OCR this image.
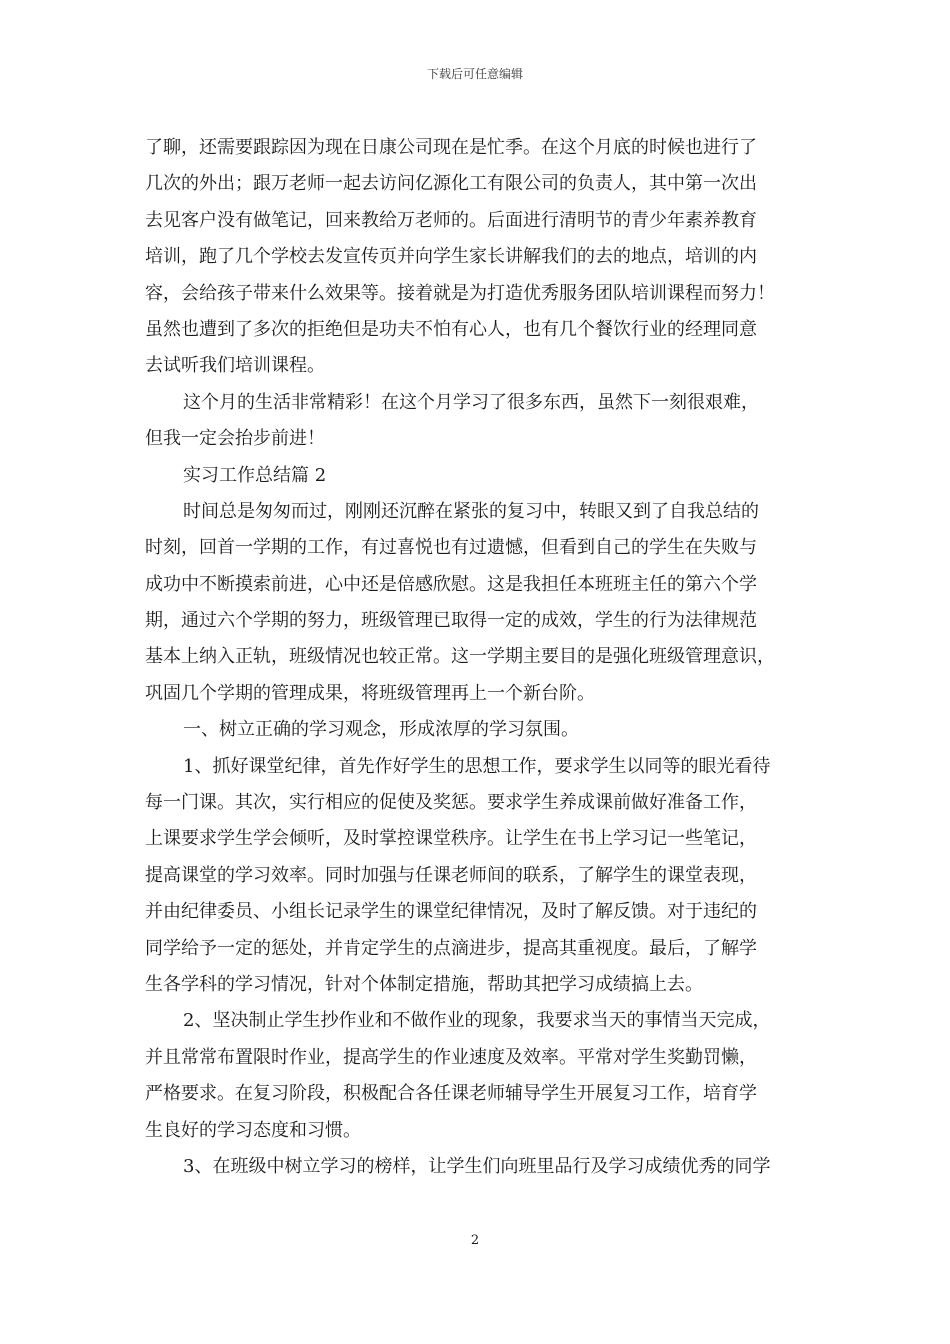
下载后可任意编辑
了聊，还需要跟踪因为现在日康公司现在是忙季。在这个月底的时候也进行了
几次的外出；跟万老师一起去访问亿源化工有限公司的负责人，其中第一次出
去见客户没有做笔记，回来教给万老师的。后面进行清明节的青少年素养教育
培训，跑了几个学校去发宣传页并向学生家长讲解我们的去的地点，培训的内
容，会给孩子带来什么效果等。接着就是为打造优秀服务团队培训课程而努力！
虽然也遭到了多次的拒绝但是功夫不怕有心人，也有几个餐饮行业的经理同意
去试听我们培训课程。
这个月的生活非常精彩！在这个月学习了很多东西，虽然下一刻很艰难，
但我一定会抬步前进！
实习工作总结篇 2
时间总是匆匆而过，刚刚还沉醉在紧张的复习中，转眼又到了自我总结的
时刻，回首一学期的工作，有过喜悦也有过遗憾，但看到自己的学生在失败与
成功中不断摸索前进，心中还是倍感欣慰。这是我担任本班班主任的第六个学
期，通过六个学期的努力，班级管理已取得一定的成效，学生的行为法律规范
基本上纳入正轨，班级情况也较正常。这一学期主要目的是强化班级管理意识，
巩固几个学期的管理成果，将班级管理再上一个新台阶。
一、树立正确的学习观念，形成浓厚的学习氛围。
1、抓好课堂纪律，首先作好学生的思想工作，要求学生以同等的眼光看待
每一门课。其次，实行相应的促使及奖惩。要求学生养成课前做好准备工作，
上课要求学生学会倾听，及时掌控课堂秩序。让学生在书上学习记一些笔记，
提高课堂的学习效率。同时加强与任课老师间的联系，了解学生的课堂表现，
并由纪律委员、小组长记录学生的课堂纪律情况，及时了解反馈。对于违纪的
同学给予一定的惩处，并肯定学生的点滴进步，提高其重视度。最后，了解学
生各学科的学习情况，针对个体制定措施，帮助其把学习成绩搞上去。
2、坚决制止学生抄作业和不做作业的现象，我要求当天的事情当天完成，
并且常常布置限时作业，提高学生的作业速度及效率。平常对学生奖勤罚懒，
严格要求。在复习阶段，积极配合各任课老师辅导学生开展复习工作，培育学
生良好的学习态度和习惯。
3、在班级中树立学习的榜样，让学生们向班里品行及学习成绩优秀的同学
2
